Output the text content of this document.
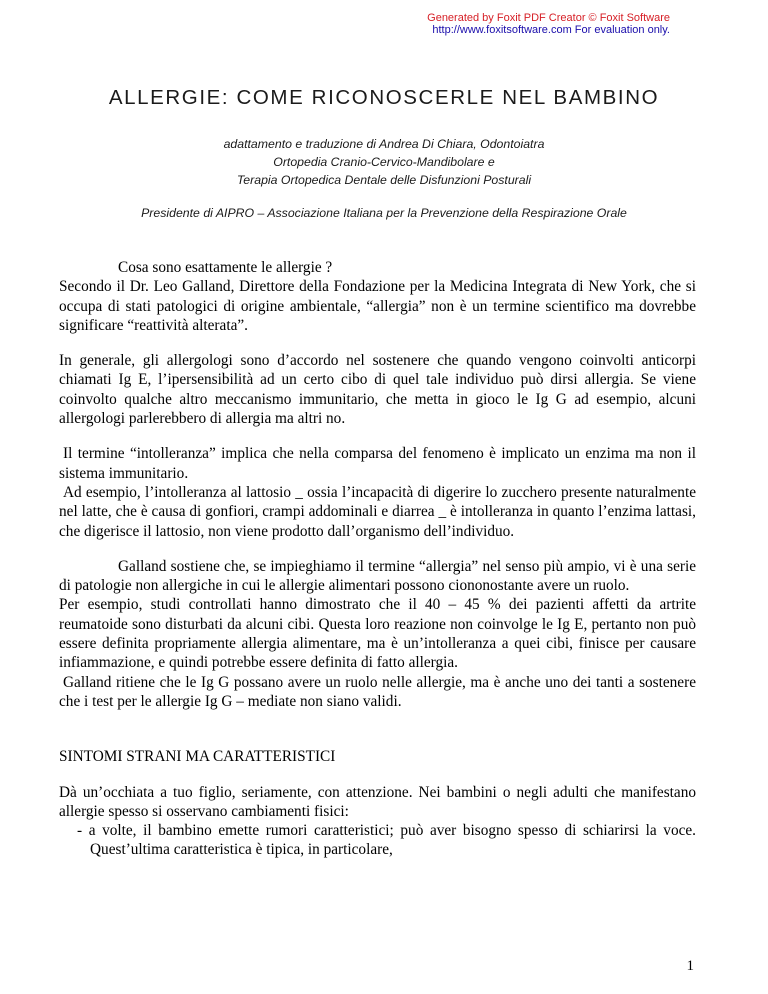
Generated by Foxit PDF Creator © Foxit Software
http://www.foxitsoftware.com For evaluation only.
ALLERGIE: COME RICONOSCERLE NEL BAMBINO
adattamento e traduzione di Andrea Di Chiara, Odontoiatra
Ortopedia Cranio-Cervico-Mandibolare e
Terapia Ortopedica Dentale delle Disfunzioni Posturali
Presidente di AIPRO – Associazione Italiana per la Prevenzione della Respirazione Orale

Cosa sono esattamente le allergie ?

Secondo il Dr. Leo Galland, Direttore della Fondazione per la Medicina Integrata di New York, che si occupa di stati patologici di origine ambientale, “allergia” non è un termine scientifico ma dovrebbe significare “reattività alterata”.

In generale, gli allergologi sono d’accordo nel sostenere che quando vengono coinvolti anticorpi chiamati Ig E, l’ipersensibilità ad un certo cibo di quel tale individuo può dirsi allergia. Se viene coinvolto qualche altro meccanismo immunitario, che metta in gioco le Ig G ad esempio, alcuni allergologi parlerebbero di allergia ma altri no.

Il termine “intolleranza” implica che nella comparsa del fenomeno è implicato un enzima ma non il sistema immunitario.

Ad esempio, l’intolleranza al lattosio _ ossia l’incapacità di digerire lo zucchero presente naturalmente nel latte, che è causa di gonfiori, crampi addominali e diarrea _ è intolleranza in quanto l’enzima lattasi, che digerisce il lattosio, non viene prodotto dall’organismo dell’individuo.

Galland sostiene che, se impieghiamo il termine “allergia” nel senso più ampio, vi è una serie di patologie non allergiche in cui le allergie alimentari possono ciononostante avere un ruolo.

Per esempio, studi controllati hanno dimostrato che il 40 – 45 % dei pazienti affetti da artrite reumatoide sono disturbati da alcuni cibi. Questa loro reazione non coinvolge le Ig E, pertanto non può essere definita propriamente allergia alimentare, ma è un’intolleranza a quei cibi, finisce per causare infiammazione, e quindi potrebbe essere definita di fatto allergia.

Galland ritiene che le Ig G possano avere un ruolo nelle allergie, ma è anche uno dei tanti a sostenere che i test per le allergie Ig G – mediate non siano validi.

SINTOMI STRANI MA CARATTERISTICI

Dà un’occhiata a tuo figlio, seriamente, con attenzione. Nei bambini o negli adulti che manifestano allergie spesso si osservano cambiamenti fisici:

- a volte, il bambino emette rumori caratteristici; può aver bisogno spesso di schiarirsi la voce. Quest’ultima caratteristica è tipica, in particolare,
1
